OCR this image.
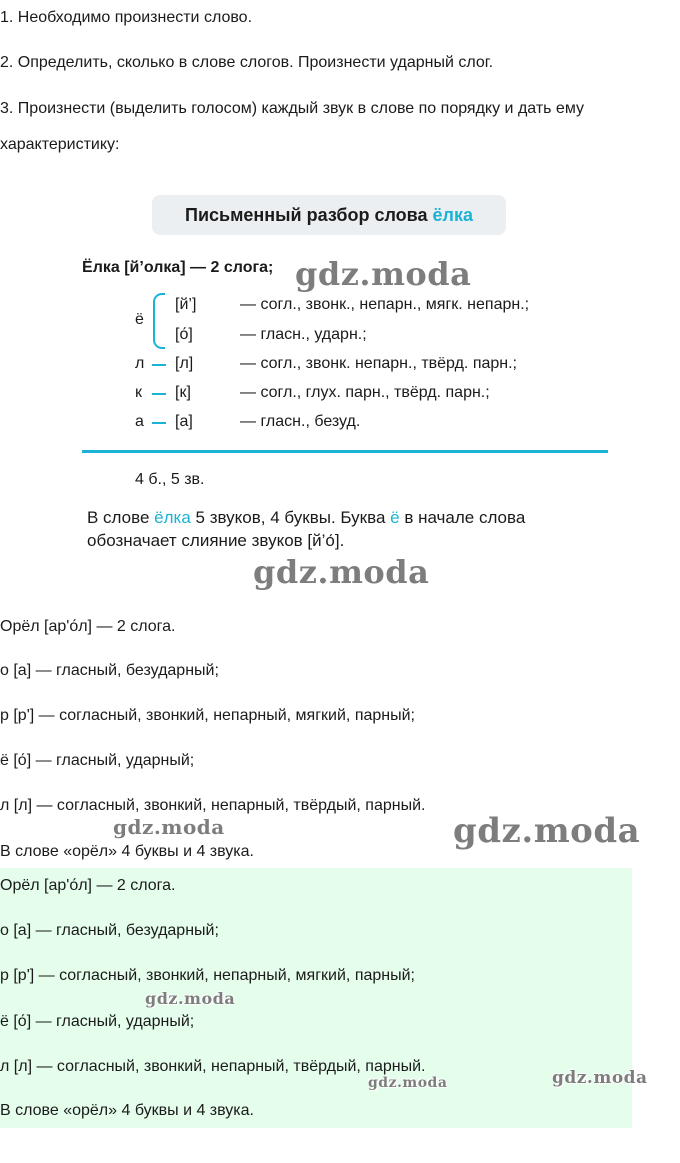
1. Необходимо произнести слово.
2. Определить, сколько в слове слогов. Произнести ударный слог.
3. Произнести (выделить голосом) каждый звук в слове по порядку и дать ему
характеристику:
Письменный разбор слова ёлка
Ёлка [й’олка] — 2 слога;
ё
[й’]	— согл., звонк., непарн., мягк. непарн.;
[о́]	— гласн., ударн.;
л [л]	— согл., звонк. непарн., твёрд. парн.;
к [к]	— согл., глух. парн., твёрд. парн.;
а [а]	— гласн., безуд.
4 б., 5 зв.
В слове ёлка 5 звуков, 4 буквы. Буква ё в начале слова
обозначает слияние звуков [й’о́].
Орёл [ар'о́л] — 2 слога.
о [а] — гласный, безударный;
р [р'] — согласный, звонкий, непарный, мягкий, парный;
ё [о́] — гласный, ударный;
л [л] — согласный, звонкий, непарный, твёрдый, парный.
В слове «орёл» 4 буквы и 4 звука.
Орёл [ар'о́л] — 2 слога.
о [а] — гласный, безударный;
р [р'] — согласный, звонкий, непарный, мягкий, парный;
ё [о́] — гласный, ударный;
л [л] — согласный, звонкий, непарный, твёрдый, парный.
В слове «орёл» 4 буквы и 4 звука.
gdz.moda
gdz.moda
gdz.moda	gdz.moda
gdz.moda
gdz.moda	gdz.moda
